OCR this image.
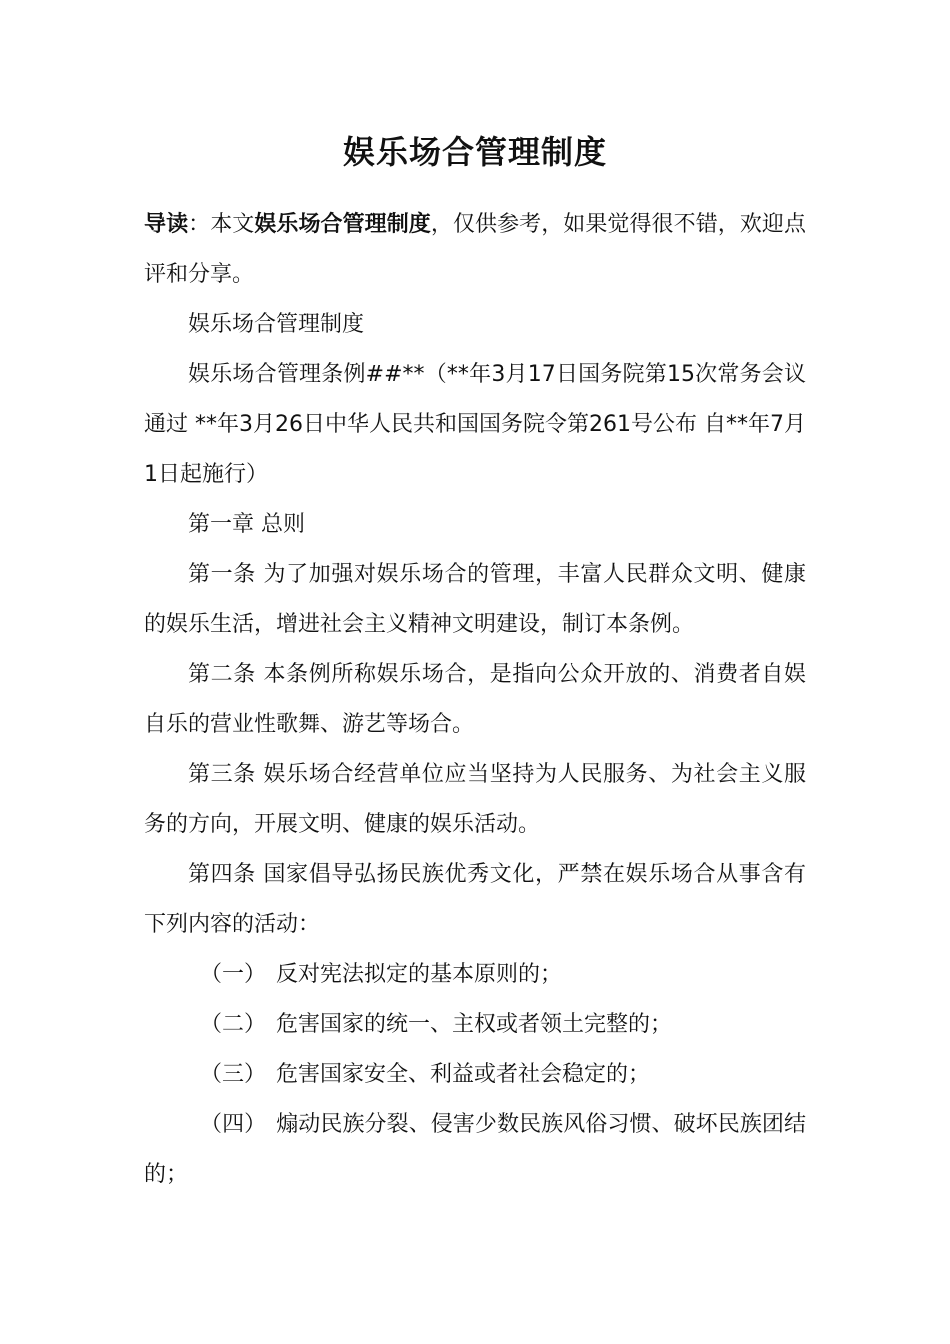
娱乐场合管理制度

导读：本文娱乐场合管理制度，仅供参考，如果觉得很不错，欢迎点评和分享。

娱乐场合管理制度

娱乐场合管理条例##**（**年3月17日国务院第15次常务会议通过 **年3月26日中华人民共和国国务院令第261号公布 自**年7月1日起施行）

第一章 总则

第一条 为了加强对娱乐场合的管理，丰富人民群众文明、健康的娱乐生活，增进社会主义精神文明建设，制订本条例。

第二条 本条例所称娱乐场合，是指向公众开放的、消费者自娱自乐的营业性歌舞、游艺等场合。

第三条 娱乐场合经营单位应当坚持为人民服务、为社会主义服务的方向，开展文明、健康的娱乐活动。

第四条 国家倡导弘扬民族优秀文化，严禁在娱乐场合从事含有下列内容的活动：

（一） 反对宪法拟定的基本原则的；

（二） 危害国家的统一、主权或者领土完整的；

（三） 危害国家安全、利益或者社会稳定的；

（四） 煽动民族分裂、侵害少数民族风俗习惯、破坏民族团结的；
